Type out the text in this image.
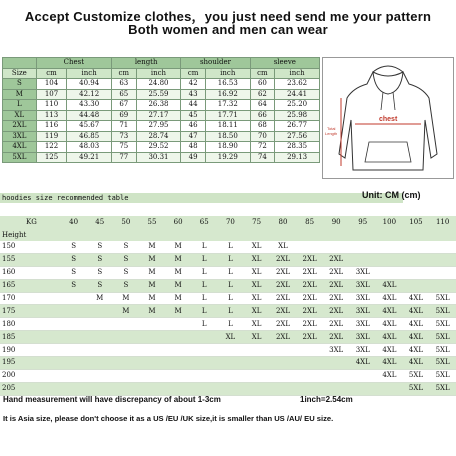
Accept Customize clothes，you just need send me your pattern
Both women and men can wear
	Chest		length		shoulder		sleeve	
Size	cm	inch	cm	inch	cm	inch	cm	inch
S	104	40.94	63	24.80	42	16.53	60	23.62
M	107	42.12	65	25.59	43	16.92	62	24.41
L	110	43.30	67	26.38	44	17.32	64	25.20
XL	113	44.48	69	27.17	45	17.71	66	25.98
2XL	116	45.67	71	27.95	46	18.11	68	26.77
3XL	119	46.85	73	28.74	47	18.50	70	27.56
4XL	122	48.03	75	29.52	48	18.90	72	28.35
5XL	125	49.21	77	30.31	49	19.29	74	29.13
chest
Total
Length
hoodies size recommended table	Unit: CM (cm)
KG	40	45	50	55	60	65	70	75	80	85	90	95	100	105	110
Height															
150	S	S	S	M	M	L	L	XL	XL						
155	S	S	S	M	M	L	L	XL	2XL	2XL	2XL				
160	S	S	S	M	M	L	L	XL	2XL	2XL	2XL	3XL			
165	S	S	S	M	M	L	L	XL	2XL	2XL	2XL	3XL	4XL		
170		M	M	M	M	L	L	XL	2XL	2XL	2XL	3XL	4XL	4XL	5XL
175			M	M	M	L	L	XL	2XL	2XL	2XL	3XL	4XL	4XL	5XL
180						L	L	XL	2XL	2XL	2XL	3XL	4XL	4XL	5XL
185							XL	XL	2XL	2XL	2XL	3XL	4XL	4XL	5XL
190											3XL	3XL	4XL	4XL	5XL
195												4XL	4XL	4XL	5XL
200													4XL	5XL	5XL
205														5XL	5XL
Hand measurement will have discrepancy of about 1-3cm	1inch=2.54cm
It is Asia size, please don't choose it as a US /EU /UK size,it is smaller than US /AU/ EU size.
